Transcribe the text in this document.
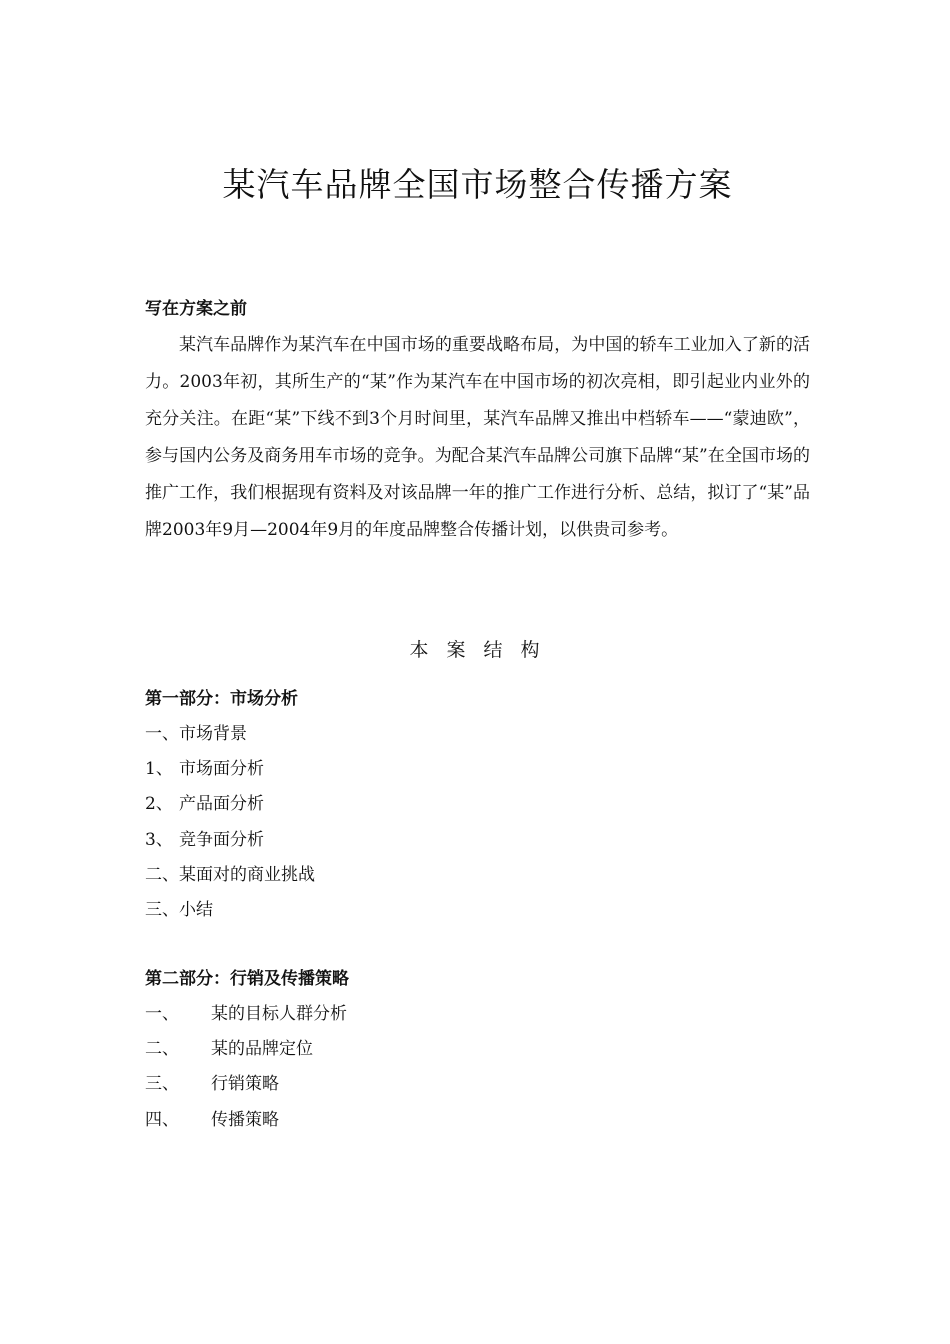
某汽车品牌全国市场整合传播方案
写在方案之前

某汽车品牌作为某汽车在中国市场的重要战略布局，为中国的轿车工业加入了新的活力。2003年初，其所生产的“某”作为某汽车在中国市场的初次亮相，即引起业内业外的充分关注。在距“某”下线不到3个月时间里，某汽车品牌又推出中档轿车——“蒙迪欧”，参与国内公务及商务用车市场的竞争。为配合某汽车品牌公司旗下品牌“某”在全国市场的推广工作，我们根据现有资料及对该品牌一年的推广工作进行分析、总结，拟订了“某”品牌2003年9月—2004年9月的年度品牌整合传播计划，以供贵司参考。

本 案 结 构
第一部分：市场分析
一、市场背景
1、 市场面分析
2、 产品面分析
3、 竞争面分析
二、某面对的商业挑战
三、小结
第二部分：行销及传播策略
一、 某的目标人群分析
二、 某的品牌定位
三、 行销策略
四、 传播策略
